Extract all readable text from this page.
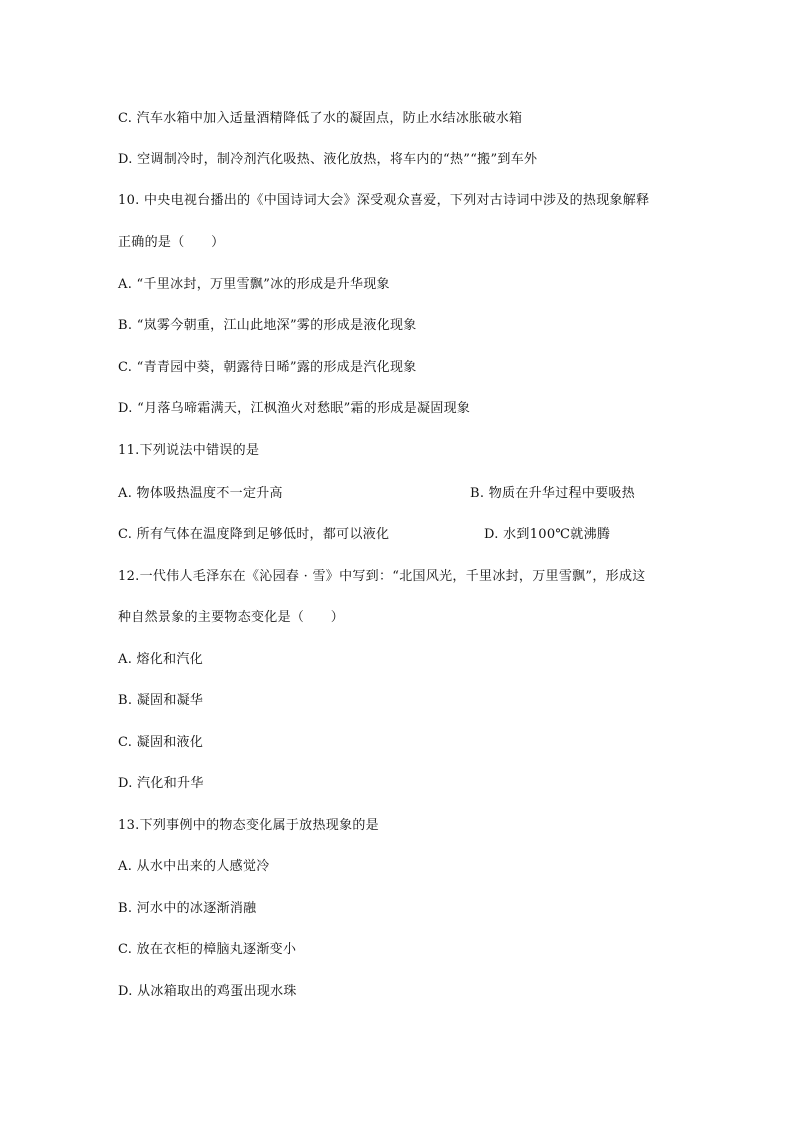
C. 汽车水箱中加入适量酒精降低了水的凝固点，防止水结冰胀破水箱
D. 空调制冷时，制冷剂汽化吸热、液化放热，将车内的“热”“搬”到车外
10. 中央电视台播出的《中国诗词大会》深受观众喜爱，下列对古诗词中涉及的热现象解释
正确的是（　　）
A. “千里冰封，万里雪飘”冰的形成是升华现象
B. “岚雾今朝重，江山此地深”雾的形成是液化现象
C. “青青园中葵，朝露待日晞”露的形成是汽化现象
D. “月落乌啼霜满天，江枫渔火对愁眠”霜的形成是凝固现象
11.下列说法中错误的是
A. 物体吸热温度不一定升高	B. 物质在升华过程中要吸热
C. 所有气体在温度降到足够低时，都可以液化	D. 水到100℃就沸腾
12.一代伟人毛泽东在《沁园春 · 雪》中写到：“北国风光，千里冰封，万里雪飘”，形成这
种自然景象的主要物态变化是（　　）
A. 熔化和汽化
B. 凝固和凝华
C. 凝固和液化
D. 汽化和升华
13.下列事例中的物态变化属于放热现象的是
A. 从水中出来的人感觉冷
B. 河水中的冰逐渐消融
C. 放在衣柜的樟脑丸逐渐变小
D. 从冰箱取出的鸡蛋出现水珠
